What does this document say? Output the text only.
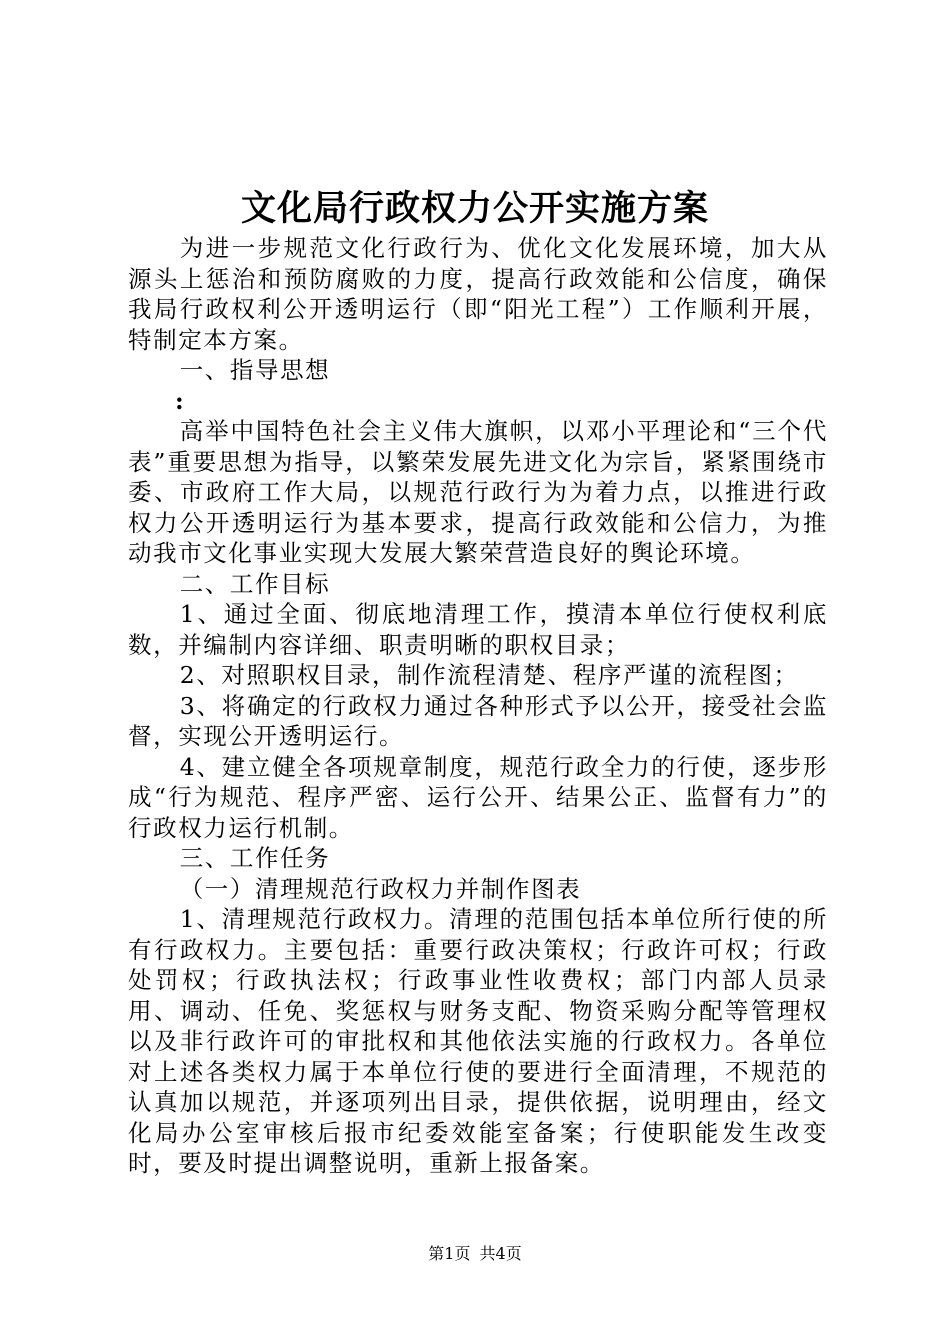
文化局行政权力公开实施方案

为进一步规范文化行政行为、优化文化发展环境，加大从源头上惩治和预防腐败的力度，提高行政效能和公信度，确保我局行政权利公开透明运行（即“阳光工程”）工作顺利开展，特制定本方案。

一、指导思想

:

高举中国特色社会主义伟大旗帜，以邓小平理论和“三个代表”重要思想为指导，以繁荣发展先进文化为宗旨，紧紧围绕市委、市政府工作大局，以规范行政行为为着力点，以推进行政权力公开透明运行为基本要求，提高行政效能和公信力，为推动我市文化事业实现大发展大繁荣营造良好的舆论环境。

二、工作目标

1、通过全面、彻底地清理工作，摸清本单位行使权利底数，并编制内容详细、职责明晰的职权目录；

2、对照职权目录，制作流程清楚、程序严谨的流程图；

3、将确定的行政权力通过各种形式予以公开，接受社会监督，实现公开透明运行。

4、建立健全各项规章制度，规范行政全力的行使，逐步形成“行为规范、程序严密、运行公开、结果公正、监督有力”的行政权力运行机制。

三、工作任务

（一）清理规范行政权力并制作图表

1、清理规范行政权力。清理的范围包括本单位所行使的所有行政权力。主要包括：重要行政决策权；行政许可权；行政处罚权；行政执法权；行政事业性收费权；部门内部人员录用、调动、任免、奖惩权与财务支配、物资采购分配等管理权以及非行政许可的审批权和其他依法实施的行政权力。各单位对上述各类权力属于本单位行使的要进行全面清理，不规范的认真加以规范，并逐项列出目录，提供依据，说明理由，经文化局办公室审核后报市纪委效能室备案；行使职能发生改变时，要及时提出调整说明，重新上报备案。

第1页 共4页
